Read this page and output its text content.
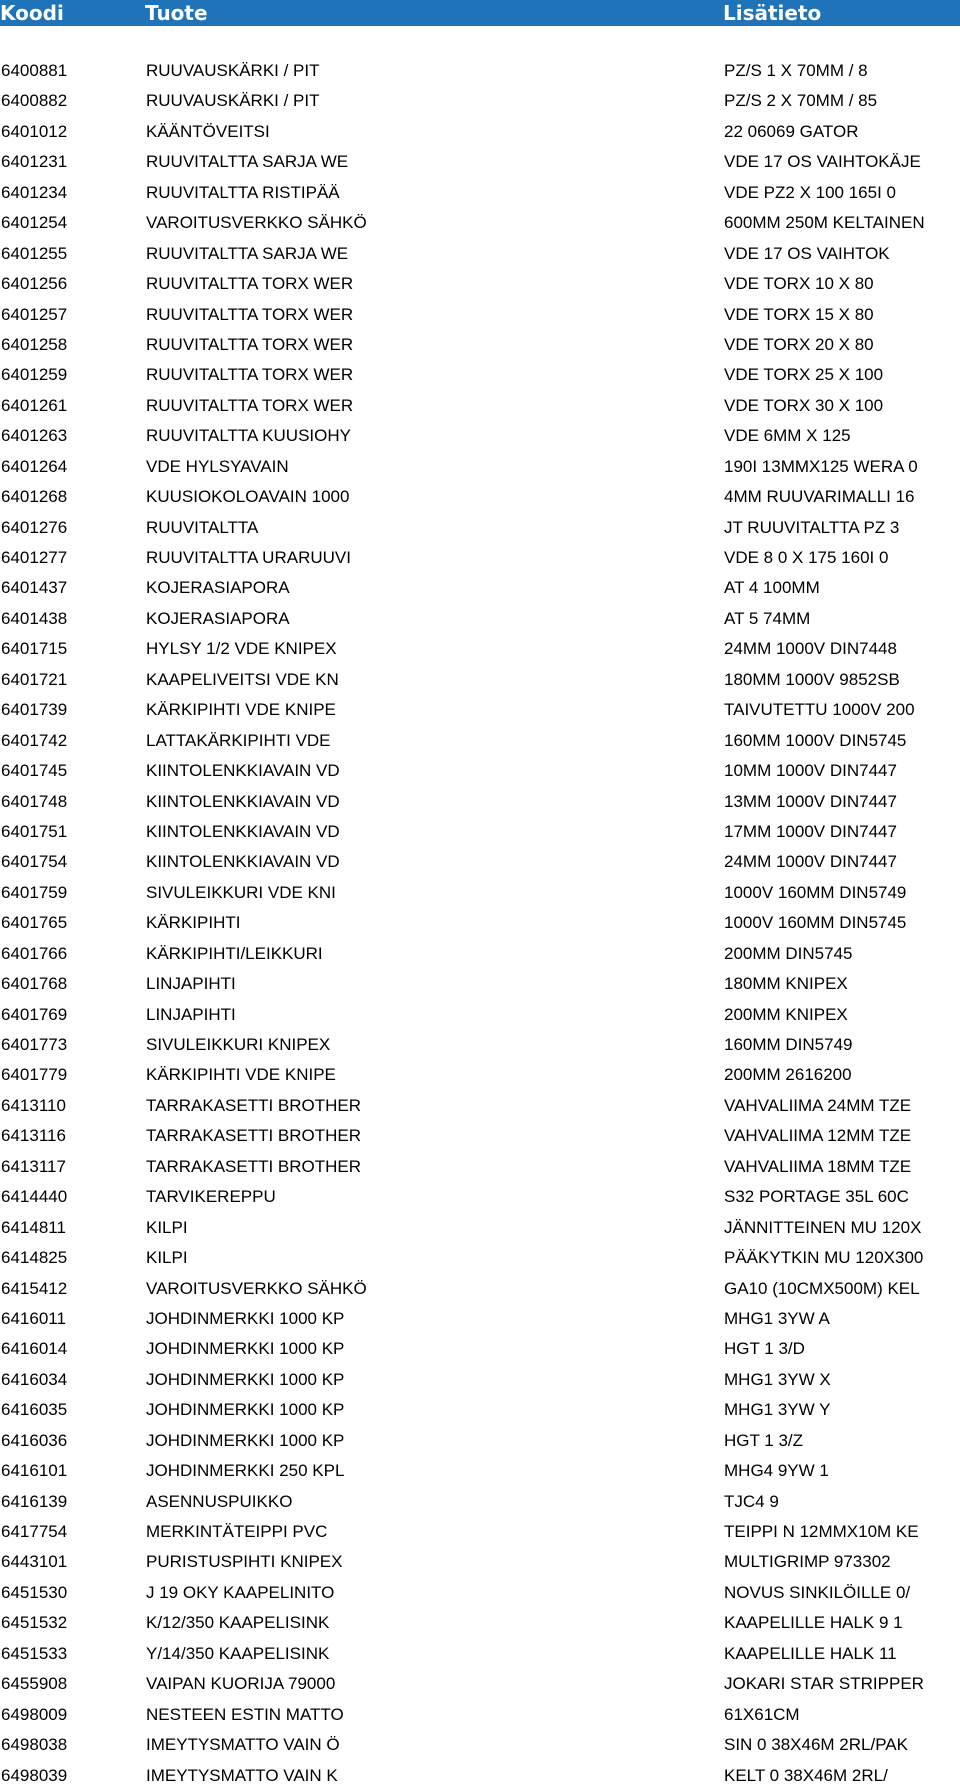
Koodi	Tuote	Lisätieto
6400881	RUUVAUSKÄRKI / PIT	PZ/S 1 X 70MM / 8
6400882	RUUVAUSKÄRKI / PIT	PZ/S 2 X 70MM / 85
6401012	KÄÄNTÖVEITSI	22 06069 GATOR
6401231	RUUVITALTTA SARJA WE	VDE 17 OS VAIHTOKÄJE
6401234	RUUVITALTTA RISTIPÄÄ	VDE PZ2 X 100 165I 0
6401254	VAROITUSVERKKO SÄHKÖ	600MM 250M KELTAINEN
6401255	RUUVITALTTA SARJA WE	VDE 17 OS VAIHTOK
6401256	RUUVITALTTA TORX WER	VDE TORX 10 X 80
6401257	RUUVITALTTA TORX WER	VDE TORX 15 X 80
6401258	RUUVITALTTA TORX WER	VDE TORX 20 X 80
6401259	RUUVITALTTA TORX WER	VDE TORX 25 X 100
6401261	RUUVITALTTA TORX WER	VDE TORX 30 X 100
6401263	RUUVITALTTA KUUSIOHY	VDE 6MM X 125
6401264	VDE HYLSYAVAIN	190I 13MMX125 WERA 0
6401268	KUUSIOKOLOAVAIN 1000	4MM RUUVARIMALLI 16
6401276	RUUVITALTTA	JT RUUVITALTTA PZ 3
6401277	RUUVITALTTA URARUUVI	VDE 8 0 X 175 160I 0
6401437	KOJERASIAPORA	AT 4 100MM
6401438	KOJERASIAPORA	AT 5 74MM
6401715	HYLSY 1/2 VDE KNIPEX	24MM 1000V DIN7448
6401721	KAAPELIVEITSI VDE KN	180MM 1000V 9852SB
6401739	KÄRKIPIHTI VDE KNIPE	TAIVUTETTU 1000V 200
6401742	LATTAKÄRKIPIHTI VDE	160MM 1000V DIN5745
6401745	KIINTOLENKKIAVAIN VD	10MM 1000V DIN7447
6401748	KIINTOLENKKIAVAIN VD	13MM 1000V DIN7447
6401751	KIINTOLENKKIAVAIN VD	17MM 1000V DIN7447
6401754	KIINTOLENKKIAVAIN VD	24MM 1000V DIN7447
6401759	SIVULEIKKURI VDE KNI	1000V 160MM DIN5749
6401765	KÄRKIPIHTI	1000V 160MM DIN5745
6401766	KÄRKIPIHTI/LEIKKURI	200MM DIN5745
6401768	LINJAPIHTI	180MM KNIPEX
6401769	LINJAPIHTI	200MM KNIPEX
6401773	SIVULEIKKURI KNIPEX	160MM DIN5749
6401779	KÄRKIPIHTI VDE KNIPE	200MM 2616200
6413110	TARRAKASETTI BROTHER	VAHVALIIMA 24MM TZE
6413116	TARRAKASETTI BROTHER	VAHVALIIMA 12MM TZE
6413117	TARRAKASETTI BROTHER	VAHVALIIMA 18MM TZE
6414440	TARVIKEREPPU	S32 PORTAGE 35L 60C
6414811	KILPI	JÄNNITTEINEN MU 120X
6414825	KILPI	PÄÄKYTKIN MU 120X300
6415412	VAROITUSVERKKO SÄHKÖ	GA10 (10CMX500M) KEL
6416011	JOHDINMERKKI 1000 KP	MHG1 3YW A
6416014	JOHDINMERKKI 1000 KP	HGT 1 3/D
6416034	JOHDINMERKKI 1000 KP	MHG1 3YW X
6416035	JOHDINMERKKI 1000 KP	MHG1 3YW Y
6416036	JOHDINMERKKI 1000 KP	HGT 1 3/Z
6416101	JOHDINMERKKI 250 KPL	MHG4 9YW 1
6416139	ASENNUSPUIKKO	TJC4 9
6417754	MERKINTÄTEIPPI PVC	TEIPPI N 12MMX10M KE
6443101	PURISTUSPIHTI KNIPEX	MULTIGRIMP 973302
6451530	J 19 OKY KAAPELINITO	NOVUS SINKILÖILLE 0/
6451532	K/12/350 KAAPELISINK	KAAPELILLE HALK 9 1
6451533	Y/14/350 KAAPELISINK	KAAPELILLE HALK 11
6455908	VAIPAN KUORIJA 79000	JOKARI STAR STRIPPER
6498009	NESTEEN ESTIN MATTO	61X61CM
6498038	IMEYTYSMATTO VAIN Ö	SIN 0 38X46M 2RL/PAK
6498039	IMEYTYSMATTO VAIN K	KELT 0 38X46M 2RL/
